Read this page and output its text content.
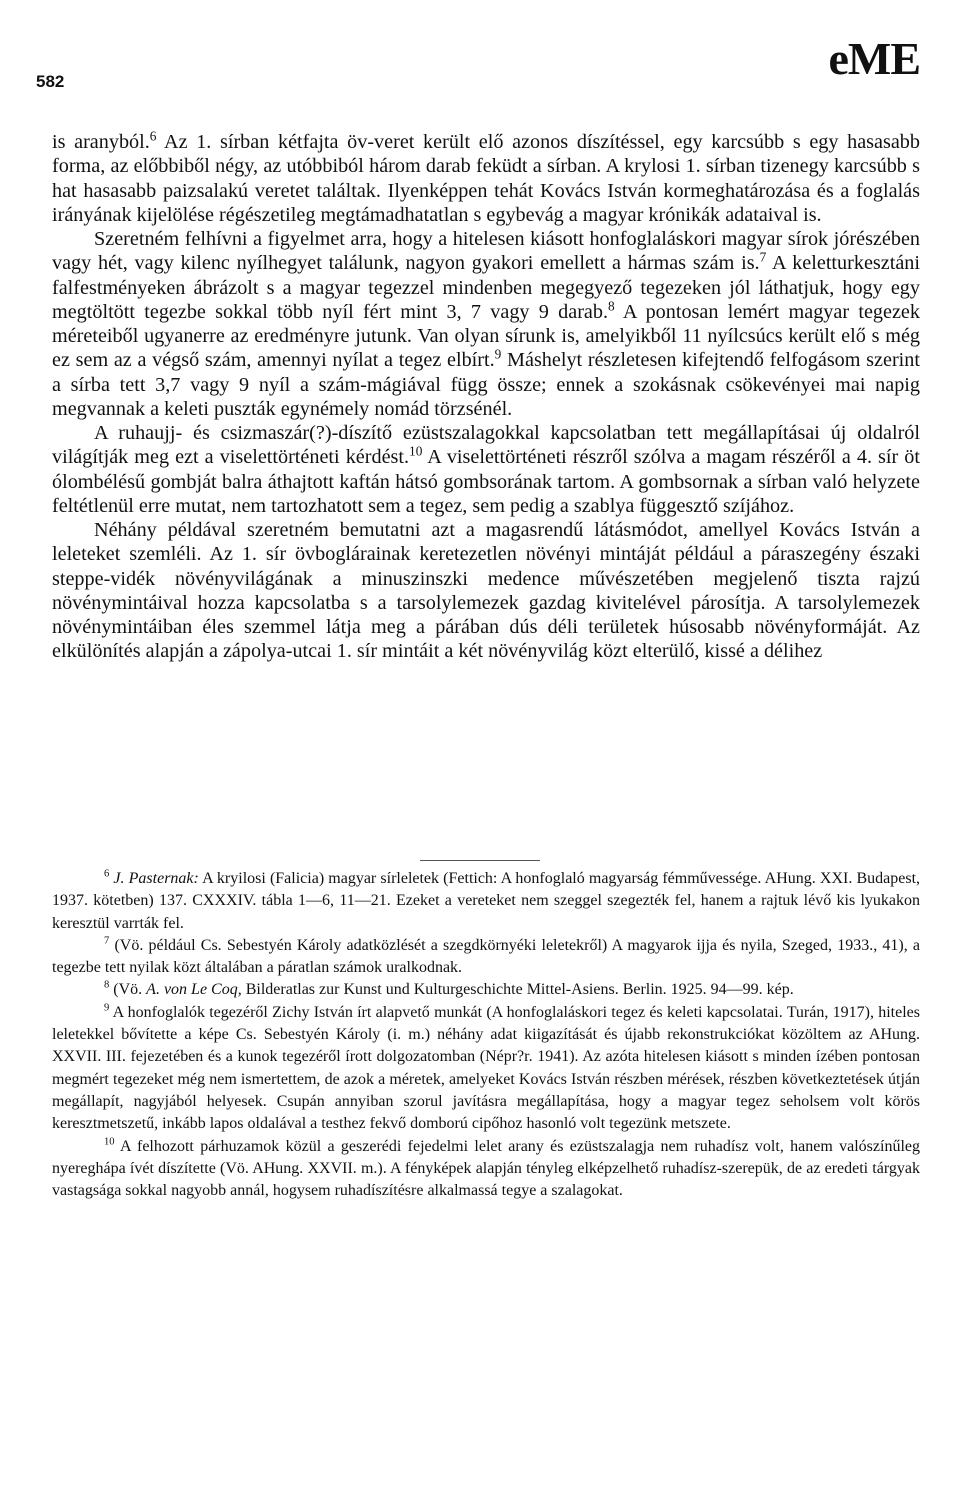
582	eME

is aranyból.$^6$ Az 1. sírban kétfajta öv-veret került elő azonos díszítéssel, egy karcsúbb s egy hasasabb forma, az előbbiből négy, az utóbbiból három darab feküdt a sírban. A krylosi 1. sírban tizenegy karcsúbb s hat hasasabb paizsalakú veretet találtak. Ilyenképpen tehát Kovács István kormeghatározása és a foglalás irányának kijelölése régészetileg megtámadhatatlan s egybevág a magyar krónikák adataival is.

Szeretném felhívni a figyelmet arra, hogy a hitelesen kiásott honfoglaláskori magyar sírok jórészében vagy hét, vagy kilenc nyílhegyet találunk, nagyon gyakori emellett a hármas szám is.$^7$ A keletturkesztáni falfestményeken ábrázolt s a magyar tegezzel mindenben megegyező tegezeken jól láthatjuk, hogy egy megtöltött tegezbe sokkal több nyíl fért mint 3, 7 vagy 9 darab.$^8$ A pontosan lemért magyar tegezek méreteiből ugyanerre az eredményre jutunk. Van olyan sírunk is, amelyikből 11 nyílcsúcs került elő s még ez sem az a végső szám, amennyi nyílat a tegez elbírt.$^9$ Máshelyt részletesen kifejtendő felfogásom szerint a sírba tett 3,7 vagy 9 nyíl a szám-mágiával függ össze; ennek a szokásnak csökevényei mai napig megvannak a keleti puszták egynémely nomád törzsénél.

A ruhaujj- és csizmaszár(?)-díszítő ezüstszalagokkal kapcsolatban tett megállapításai új oldalról világítják meg ezt a viselettörténeti kérdést.$^{10}$ A viselettörténeti részről szólva a magam részéről a 4. sír öt ólombélésű gombját balra áthajtott kaftán hátsó gombsorának tartom. A gombsornak a sírban való helyzete feltétlenül erre mutat, nem tartozhatott sem a tegez, sem pedig a szablya függesztő szíjához.

Néhány példával szeretném bemutatni azt a magasrendű látásmódot, amellyel Kovács István a leleteket szemléli. Az 1. sír övboglárainak keretezetlen növényi mintáját például a páraszegény északi steppe-vidék növényvilágának a minuszinszki medence művészetében megjelenő tiszta rajzú növénymintáival hozza kapcsolatba s a tarsolylemezek gazdag kivitelével párosítja. A tarsolylemezek növénymintáiban éles szemmel látja meg a párában dús déli területek húsosabb növényformáját. Az elkülönítés alapján a zápolya-utcai 1. sír mintáit a két növényvilág közt elterülő, kissé a délihez

$^6$ J. Pasternak: A kryilosi (Falicia) magyar sírleletek (Fettich: A honfoglaló magyarság fémművessége. AHung. XXI. Budapest, 1937. kötetben) 137. CXXXIV. tábla 1—6, 11—21. Ezeket a vereteket nem szeggel szegezték fel, hanem a rajtuk lévő kis lyukakon keresztül varrták fel.

$^7$ (Vö. például Cs. Sebestyén Károly adatközlését a szegdkörnyéki leletekről) A magyarok ijja és nyila, Szeged, 1933., 41), a tegezbe tett nyilak közt általában a páratlan számok uralkodnak.

$^8$ (Vö. A. von Le Coq, Bilderatlas zur Kunst und Kulturgeschichte Mittel-Asiens. Berlin. 1925. 94—99. kép.

$^9$ A honfoglalók tegezéről Zichy István írt alapvető munkát (A honfoglaláskori tegez és keleti kapcsolatai. Turán, 1917), hiteles leletekkel bővítette a képe Cs. Sebestyén Károly (i. m.) néhány adat kiigazítását és újabb rekonstrukciókat közöltem az AHung. XXVII. III. fejezetében és a kunok tegezéről írott dolgozatomban (Népr?r. 1941). Az azóta hitelesen kiásott s minden ízében pontosan megmért tegezeket még nem ismertettem, de azok a méretek, amelyeket Kovács István részben mérések, részben következtetések útján megállapít, nagyjából helyesek. Csupán annyiban szorul javításra megállapítása, hogy a magyar tegez seholsem volt körös keresztmetszetű, inkább lapos oldalával a testhez fekvő domború cipőhoz hasonló volt tegezünk metszete.

$^{10}$ A felhozott párhuzamok közül a geszerédi fejedelmi lelet arany és ezüstszalagja nem ruhadísz volt, hanem valószínűleg nyereghápa ívét díszítette (Vö. AHung. XXVII. m.). A fényképek alapján tényleg elképzelhető ruhadísz-szerepük, de az eredeti tárgyak vastagsága sokkal nagyobb annál, hogysem ruhadíszítésre alkalmassá tegye a szalagokat.
